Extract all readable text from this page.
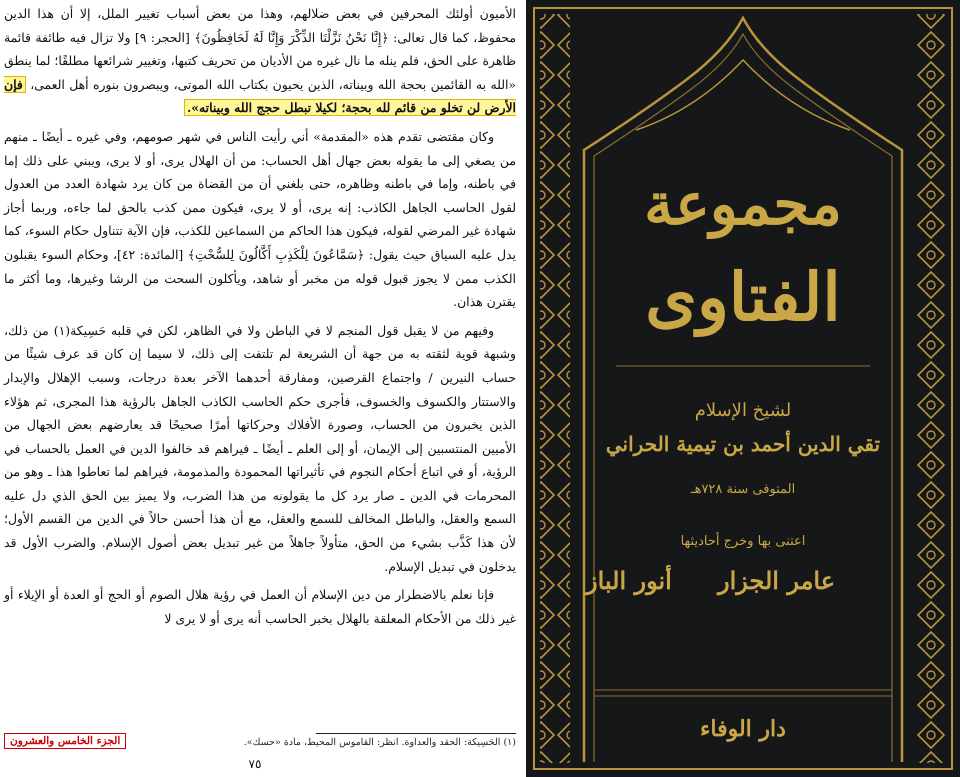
الأميون أولئك المحرفين في بعض ضلالهم، وهذا من بعض أسباب تغيير الملل، إلا أن هذا الدين محفوظ، كما قال تعالى: ﴿إِنَّا نَحْنُ نَزَّلْنَا الذِّكْرَ وَإِنَّا لَهُ لَحَافِظُونَ﴾ [الحجر: ٩] ولا تزال فيه طائفة قائمة ظاهرة على الحق، فلم ينله ما نال غيره من الأديان من تحريف كتبها، وتغيير شرائعها مطلقًا؛ لما ينطق «الله به القائمين بحجة الله وبيناته، الذين يحيون بكتاب الله الموتى، ويبصرون بنوره أهل العمى، فإن الأرض لن تخلو من قائم لله بحجة؛ لكيلا تبطل حجج الله وبيناته».

وكان مقتضى تقدم هذه «المقدمة» أني رأيت الناس في شهر صومهم، وفي غيره ـ أيضًا ـ منهم من يصغي إلى ما يقوله بعض جهال أهل الحساب: من أن الهلال يرى، أو لا يرى، ويبني على ذلك إما في باطنه، وإما في باطنه وظاهره، حتى بلغني أن من القضاة من كان يرد شهادة العدد من العدول لقول الحاسب الجاهل الكاذب: إنه يرى، أو لا يرى، فيكون ممن كذب بالحق لما جاءه، وربما أجاز شهادة غير المرضي لقوله، فيكون هذا الحاكم من السماعين للكذب، فإن الآية تتناول حكام السوء، كما يدل عليه السياق حيث يقول: ﴿سَمَّاعُونَ لِلْكَذِبِ أَكَّالُونَ لِلسُّحْتِ﴾ [المائدة: ٤٢]، وحكام السوء يقبلون الكذب ممن لا يجوز قبول قوله من مخبر أو شاهد، ويأكلون السحت من الرشا وغيرها، وما أكثر ما يقترن هذان.

وفيهم من لا يقبل قول المنجم لا في الباطن ولا في الظاهر، لكن في قلبه حَسِيكة(١) من ذلك، وشبهة قوية لثقته به من جهة أن الشريعة لم تلتفت إلى ذلك، لا سيما إن كان قد عرف شيئًا من حساب النيرين / واجتماع القرصين، ومفارقة أحدهما الآخر بعدة درجات، وسبب الإهلال والإبدار والاستتار والكسوف والخسوف، فأجرى حكم الحاسب الكاذب الجاهل بالرؤية هذا المجرى، ثم هؤلاء الذين يخبرون من الحساب، وصورة الأفلاك وحركاتها أمرًا صحيحًا قد يعارضهم بعض الجهال من الأميين المنتسبين إلى الإيمان، أو إلى العلم ـ أيضًا ـ فيراهم قد خالفوا الدين في العمل بالحساب في الرؤية، أو في اتباع أحكام النجوم في تأثيراتها المحمودة والمذمومة، فيراهم لما تعاطوا هذا ـ وهو من المحرمات في الدين ـ صار يرد كل ما يقولونه من هذا الضرب، ولا يميز بين الحق الذي دل عليه السمع والعقل، والباطل المخالف للسمع والعقل، مع أن هذا أحسن حالاً في الدين من القسم الأول؛ لأن هذا كَذَّب بشيء من الحق، متأولاً جاهلاً من غير تبديل بعض أصول الإسلام. والضرب الأول قد يدخلون في تبديل الإسلام.

فإنا نعلم بالاضطرار من دين الإسلام أن العمل في رؤية هلال الصوم أو الحج أو العدة أو الإيلاء أو غير ذلك من الأحكام المعلقة بالهلال بخبر الحاسب أنه يرى أو لا يرى لا

(١) الحَسِيكة: الحقد والعداوة. انظر: القاموس المحيط، مادة «حسك».
الجزء الخامس والعشرون
٧٥
مجموعة
الفتاوى
لشيخ الإسلام
تقي الدين أحمد بن تيمية الحراني
المتوفى سنة ٧٢٨هـ
اعتنى بها وخرج أحاديثها
عامر الجزار
أنور الباز
دار الوفاء
